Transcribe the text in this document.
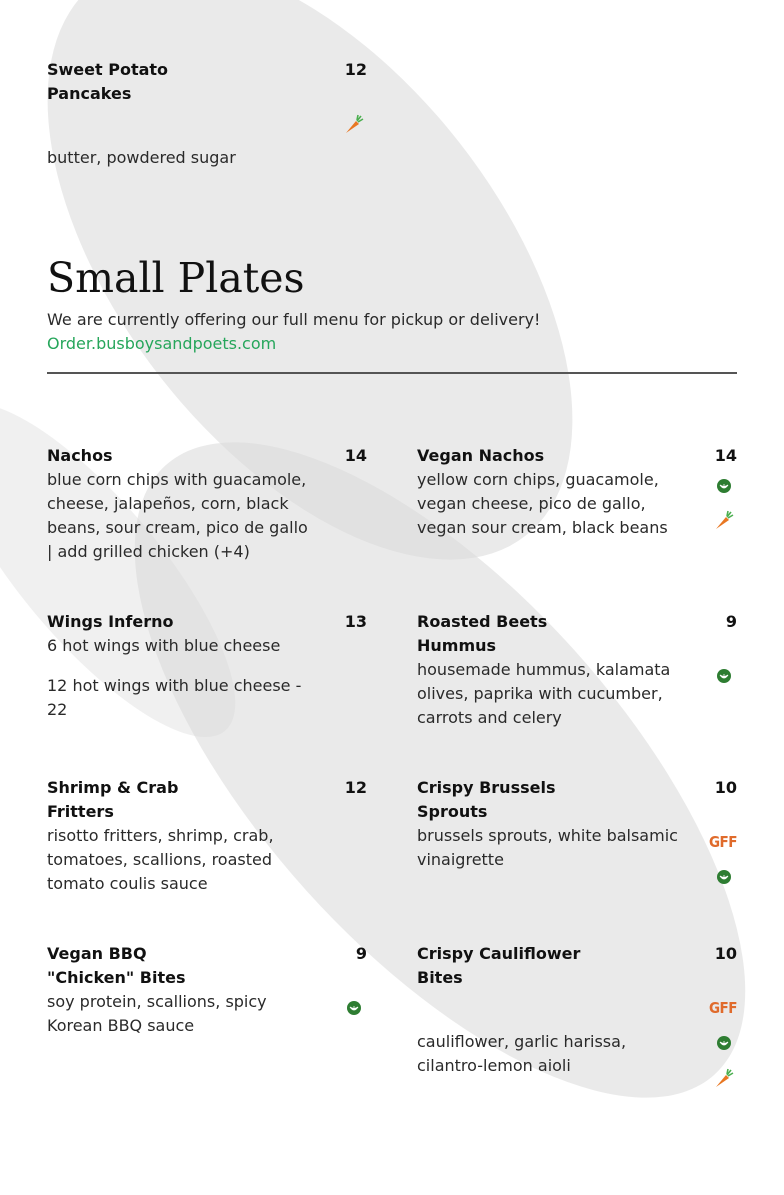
Sweet Potato Pancakes
12
butter, powdered sugar
Small Plates
We are currently offering our full menu for pickup or delivery!
Order.busboysandpoets.com
Nachos	14
blue corn chips with guacamole, cheese, jalapeños, corn, black beans, sour cream, pico de gallo | add grilled chicken (+4)
Vegan Nachos	14
yellow corn chips, guacamole, vegan cheese, pico de gallo, vegan sour cream, black beans
Wings Inferno	13
6 hot wings with blue cheese
12 hot wings with blue cheese - 22
Roasted Beets Hummus
9
housemade hummus, kalamata olives, paprika with cucumber, carrots and celery
Shrimp & Crab Fritters
12
risotto fritters, shrimp, crab, tomatoes, scallions, roasted tomato coulis sauce
Crispy Brussels Sprouts
10
GFF
brussels sprouts, white balsamic vinaigrette
Vegan BBQ "Chicken" Bites
9
soy protein, scallions, spicy Korean BBQ sauce
Crispy Cauliflower Bites
10
GFF
cauliflower, garlic harissa, cilantro-lemon aioli
